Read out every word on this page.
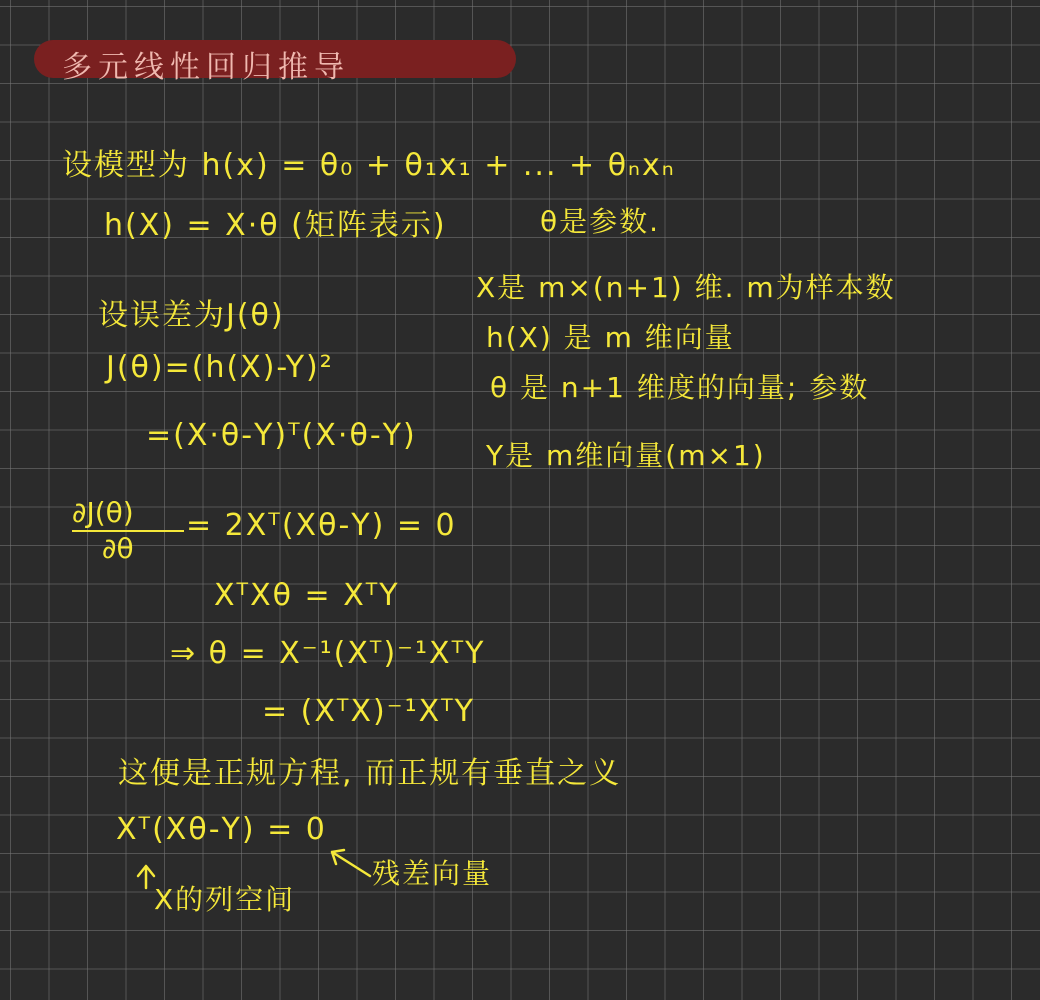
多元线性回归推导
设模型为 h(x) = θ₀ + θ₁x₁ + ... + θₙxₙ
h(X) = X·θ (矩阵表示)	θ是参数.
X是 m×(n+1) 维. m为样本数
h(X) 是 m 维向量
θ 是 n+1 维度的向量; 参数
Y是 m维向量(m×1)
设误差为J(θ)
J(θ)=(h(X)-Y)²
=(X·θ-Y)ᵀ(X·θ-Y)
∂J(θ)
∂θ
= 2Xᵀ(Xθ-Y) = 0
XᵀXθ = XᵀY
⇒ θ = X⁻¹(Xᵀ)⁻¹XᵀY
= (XᵀX)⁻¹XᵀY
这便是正规方程, 而正规有垂直之义
Xᵀ(Xθ-Y) = 0
X的列空间
残差向量
